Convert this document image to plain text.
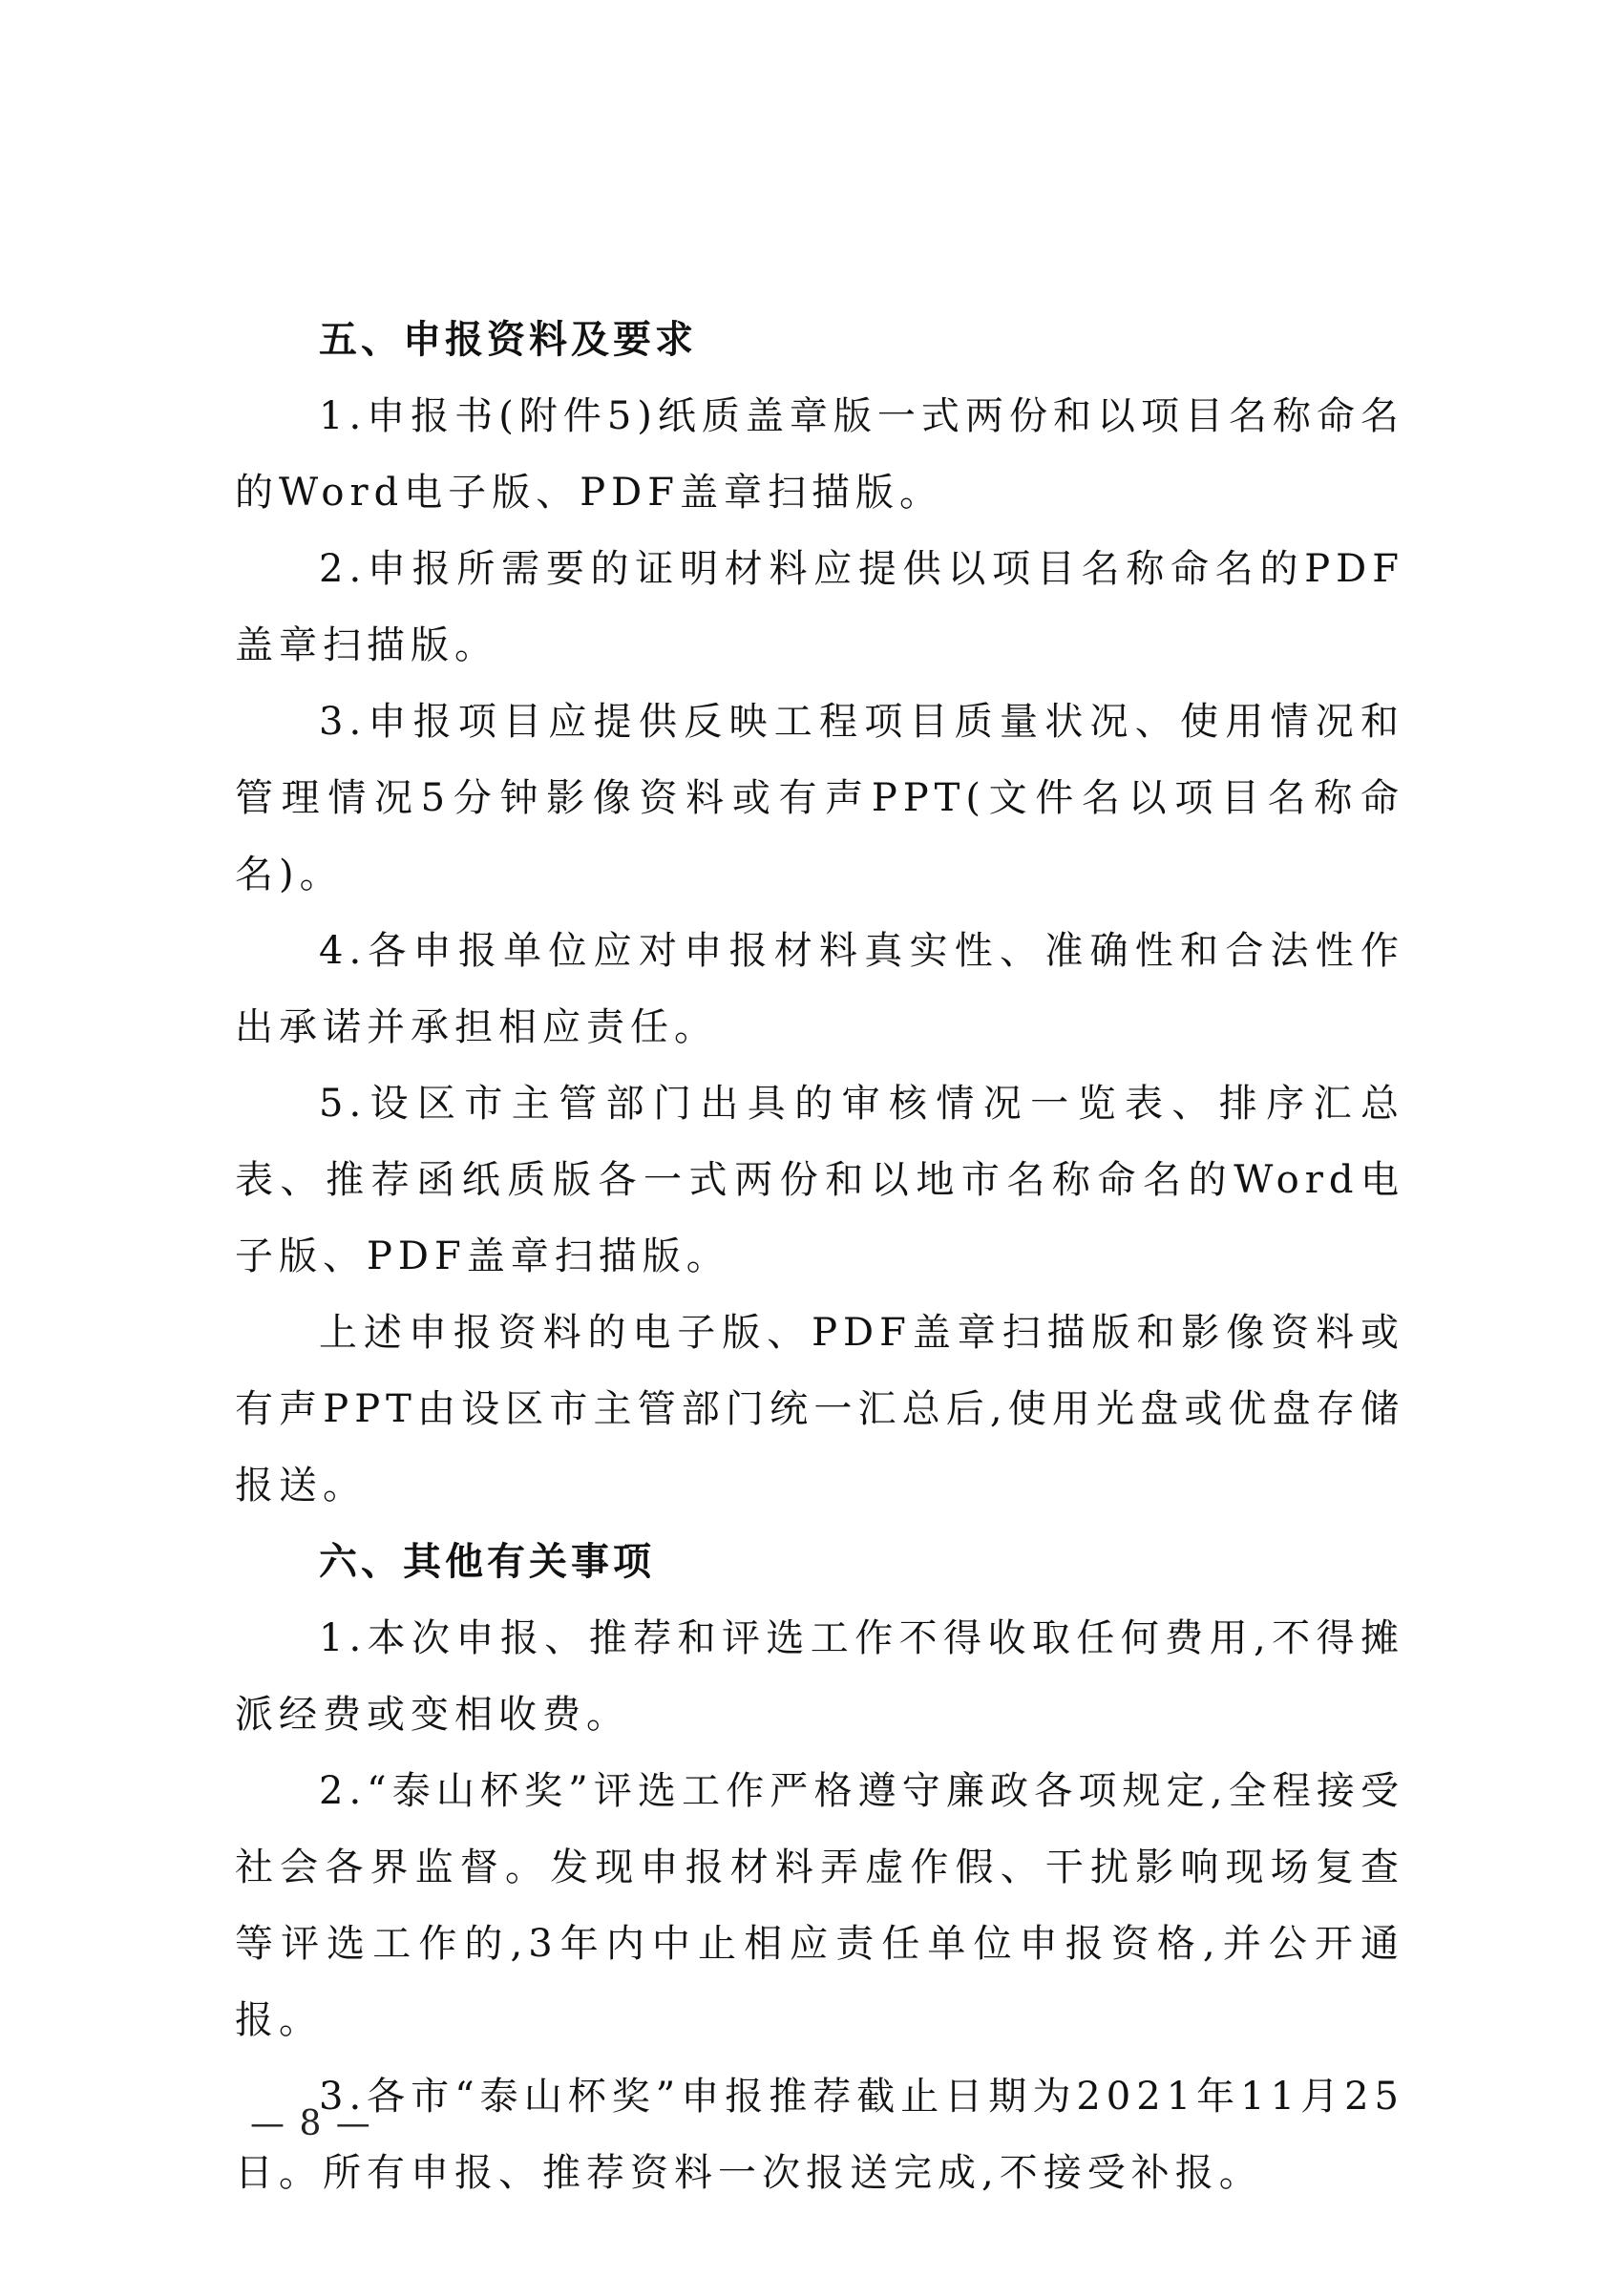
五、申报资料及要求

1.申报书(附件5)纸质盖章版一式两份和以项目名称命名的Word电子版、PDF盖章扫描版。

2.申报所需要的证明材料应提供以项目名称命名的PDF盖章扫描版。

3.申报项目应提供反映工程项目质量状况、使用情况和管理情况5分钟影像资料或有声PPT(文件名以项目名称命名)。

4.各申报单位应对申报材料真实性、准确性和合法性作出承诺并承担相应责任。

5.设区市主管部门出具的审核情况一览表、排序汇总表、推荐函纸质版各一式两份和以地市名称命名的Word电子版、PDF盖章扫描版。

上述申报资料的电子版、PDF盖章扫描版和影像资料或有声PPT由设区市主管部门统一汇总后,使用光盘或优盘存储报送。

六、其他有关事项

1.本次申报、推荐和评选工作不得收取任何费用,不得摊派经费或变相收费。

2.“泰山杯奖”评选工作严格遵守廉政各项规定,全程接受社会各界监督。发现申报材料弄虚作假、干扰影响现场复查等评选工作的,3年内中止相应责任单位申报资格,并公开通报。

3.各市“泰山杯奖”申报推荐截止日期为2021年11月25日。所有申报、推荐资料一次报送完成,不接受补报。

— 8 —
